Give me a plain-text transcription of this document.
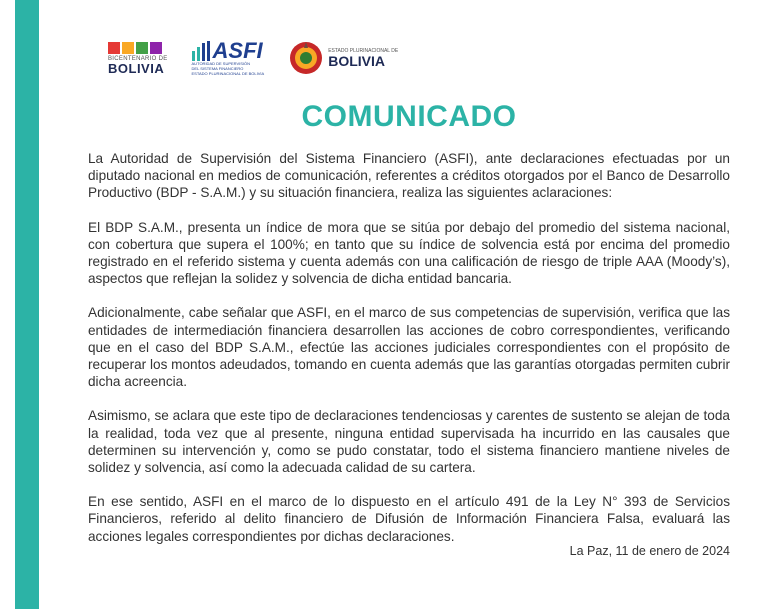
BICENTENARIO DE
BOLIVIA
ASFI
AUTORIDAD DE SUPERVISIÓN
DEL SISTEMA FINANCIERO
ESTADO PLURINACIONAL DE BOLIVIA
ESTADO PLURINACIONAL DE
BOLIVIA
COMUNICADO

La Autoridad de Supervisión del Sistema Financiero (ASFI), ante declaraciones efectuadas por un diputado nacional en medios de comunicación, referentes a créditos otorgados por el Banco de Desarrollo Productivo (BDP - S.A.M.) y su situación financiera, realiza las siguientes aclaraciones:

El BDP S.A.M., presenta un índice de mora que se sitúa por debajo del promedio del sistema nacional, con cobertura que supera el 100%; en tanto que su índice de solvencia está por encima del promedio registrado en el referido sistema y cuenta además con una calificación de riesgo de triple AAA (Moody’s), aspectos que reflejan la solidez y solvencia de dicha entidad bancaria.

Adicionalmente, cabe señalar que ASFI, en el marco de sus competencias de supervisión, verifica que las entidades de intermediación financiera desarrollen las acciones de cobro correspondientes, verificando que en el caso del BDP S.A.M., efectúe las acciones judiciales correspondientes con el propósito de recuperar los montos adeudados, tomando en cuenta además que las garantías otorgadas permiten cubrir dicha acreencia.

Asimismo, se aclara que este tipo de declaraciones tendenciosas y carentes de sustento se alejan de toda la realidad, toda vez que al presente, ninguna entidad supervisada ha incurrido en las causales que determinen su intervención y, como se pudo constatar, todo el sistema financiero mantiene niveles de solidez y solvencia, así como la adecuada calidad de su cartera.

En ese sentido, ASFI en el marco de lo dispuesto en el artículo 491 de la Ley N° 393 de Servicios Financieros, referido al delito financiero de Difusión de Información Financiera Falsa, evaluará las acciones legales correspondientes por dichas declaraciones.

La Paz, 11 de enero de 2024
